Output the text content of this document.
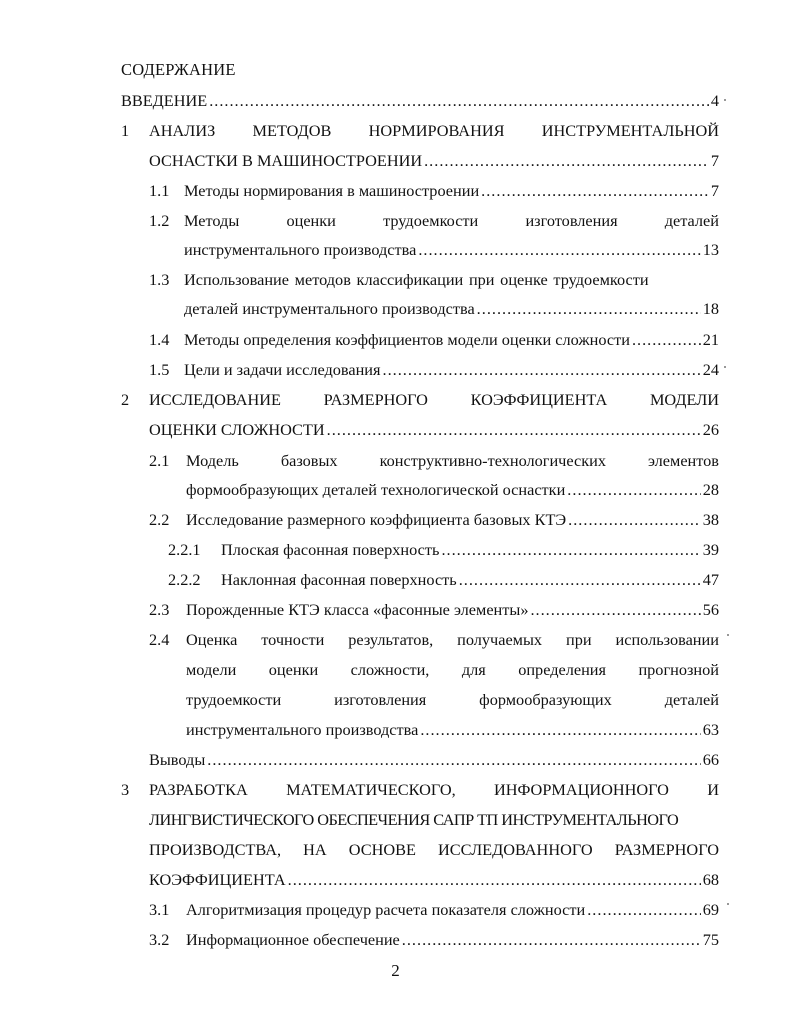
СОДЕРЖАНИЕ
ВВЕДЕНИЕ .....	4
1 АНАЛИЗ МЕТОДОВ НОРМИРОВАНИЯ ИНСТРУМЕНТАЛЬНОЙ
ОСНАСТКИ В МАШИНОСТРОЕНИИ .....	7
1.1 Методы нормирования в машиностроении .....	7
1.2 Методы	оценки	трудоемкости	изготовления	деталей
инструментального производства .....	13
1.3 Использование методов классификации при оценке трудоемкости
деталей инструментального производства .....	18
1.4 Методы определения коэффициентов модели оценки сложности .....	21
1.5 Цели и задачи исследования .....	24
2 ИССЛЕДОВАНИЕ	РАЗМЕРНОГО	КОЭФФИЦИЕНТА	МОДЕЛИ
ОЦЕНКИ СЛОЖНОСТИ .....	26
2.1 Модель	базовых	конструктивно-технологических	элементов
формообразующих деталей технологической оснастки .....	28
2.2 Исследование размерного коэффициента базовых КТЭ .....	38
2.2.1 Плоская фасонная поверхность .....	39
2.2.2 Наклонная фасонная поверхность .....	47
2.3 Порожденные КТЭ класса «фасонные элементы» .....	56
2.4 Оценка точности результатов, получаемых при использовании
модели оценки сложности, для определения прогнозной
трудоемкости	изготовления	формообразующих	деталей
инструментального производства .....	63
Выводы .....	66
3 РАЗРАБОТКА МАТЕМАТИЧЕСКОГО, ИНФОРМАЦИОННОГО И
ЛИНГВИСТИЧЕСКОГО ОБЕСПЕЧЕНИЯ САПР ТП ИНСТРУМЕНТАЛЬНОГО
ПРОИЗВОДСТВА, НА ОСНОВЕ ИССЛЕДОВАННОГО РАЗМЕРНОГО
КОЭФФИЦИЕНТА .....	68
3.1 Алгоритмизация процедур расчета показателя сложности .....	69
3.2 Информационное обеспечение .....	75
2
